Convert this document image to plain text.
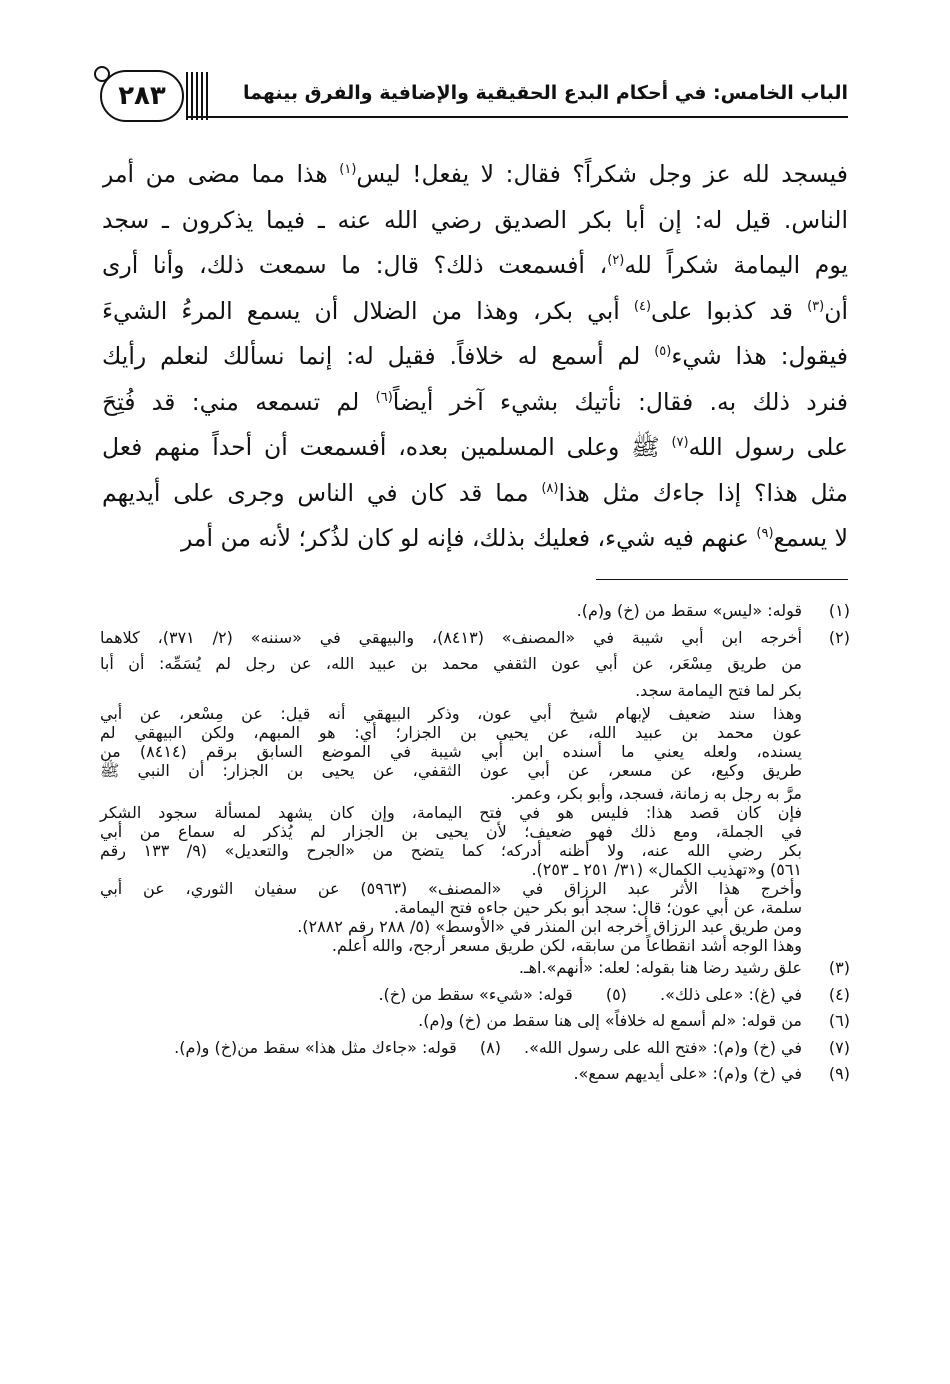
٢٨٣	الباب الخامس: في أحكام البدع الحقيقية والإضافية والفرق بينهما

فيسجد لله عز وجل شكراً؟ فقال: لا يفعل! ليس$^{(١)}$ هذا مما مضى من أمر

الناس. قيل له: إن أبا بكر الصديق رضي الله عنه ـ فيما يذكرون ـ سجد

يوم اليمامة شكراً لله$^{(٢)}$، أفسمعت ذلك؟ قال: ما سمعت ذلك، وأنا أرى

أن$^{(٣)}$ قد كذبوا على$^{(٤)}$ أبي بكر، وهذا من الضلال أن يسمع المرءُ الشيءَ

فيقول: هذا شيء$^{(٥)}$ لم أسمع له خلافاً. فقيل له: إنما نسألك لنعلم رأيك

فنرد ذلك به. فقال: نأتيك بشيء آخر أيضاً$^{(٦)}$ لم تسمعه مني: قد فُتِحَ

على رسول الله$^{(٧)}$ ﷺ وعلى المسلمين بعده، أفسمعت أن أحداً منهم فعل

مثل هذا؟ إذا جاءك مثل هذا$^{(٨)}$ مما قد كان في الناس وجرى على أيديهم

لا يسمع$^{(٩)}$ عنهم فيه شيء، فعليك بذلك، فإنه لو كان لذُكر؛ لأنه من أمر

(١)
قوله: «ليس» سقط من (خ) و(م).
(٢)
أخرجه ابن أبي شيبة في «المصنف» (٨٤١٣)، والبيهقي في «سننه» (٢/ ٣٧١)، كلاهما
من طريق مِسْعَر، عن أبي عون الثقفي محمد بن عبيد الله، عن رجل لم يُسَمِّه: أن أبا
بكر لما فتح اليمامة سجد.
وهذا سند ضعيف لإبهام شيخ أبي عون، وذكر البيهقي أنه قيل: عن مِسْعر، عن أبي
عون محمد بن عبيد الله، عن يحيى بن الجزار؛ أي: هو المبهم، ولكن البيهقي لم
يسنده، ولعله يعني ما أسنده ابن أبي شيبة في الموضع السابق برقم (٨٤١٤) من
طريق وكيع، عن مسعر، عن أبي عون الثقفي، عن يحيى بن الجزار: أن النبي ﷺ
مرَّ به رجل به زمانة، فسجد، وأبو بكر، وعمر.
فإن كان قصد هذا: فليس هو في فتح اليمامة، وإن كان يشهد لمسألة سجود الشكر
في الجملة، ومع ذلك فهو ضعيف؛ لأن يحيى بن الجزار لم يُذكر له سماع من أبي
بكر رضي الله عنه، ولا أظنه أدركه؛ كما يتضح من «الجرح والتعديل» (٩/ ١٣٣ رقم
٥٦١) و«تهذيب الكمال» (٣١/ ٢٥١ ـ ٢٥٣).
وأخرج هذا الأثر عبد الرزاق في «المصنف» (٥٩٦٣) عن سفيان الثوري، عن أبي
سلمة، عن أبي عون؛ قال: سجد أبو بكر حين جاءه فتح اليمامة.
ومن طريق عبد الرزاق أخرجه ابن المنذر في «الأوسط» (٥/ ٢٨٨ رقم ٢٨٨٢).
وهذا الوجه أشد انقطاعاً من سابقه، لكن طريق مسعر أرجح، والله أعلم.
(٣)
علق رشيد رضا هنا بقوله: لعله: «أنهم».اهـ.
(٤)
في (غ): «على ذلك». (٥) قوله: «شيء» سقط من (خ).
(٦)
من قوله: «لم أسمع له خلافاً» إلى هنا سقط من (خ) و(م).
(٧)
في (خ) و(م): «فتح الله على رسول الله». (٨) قوله: «جاءك مثل هذا» سقط من(خ) و(م).
(٩)
في (خ) و(م): «على أيديهم سمع».
